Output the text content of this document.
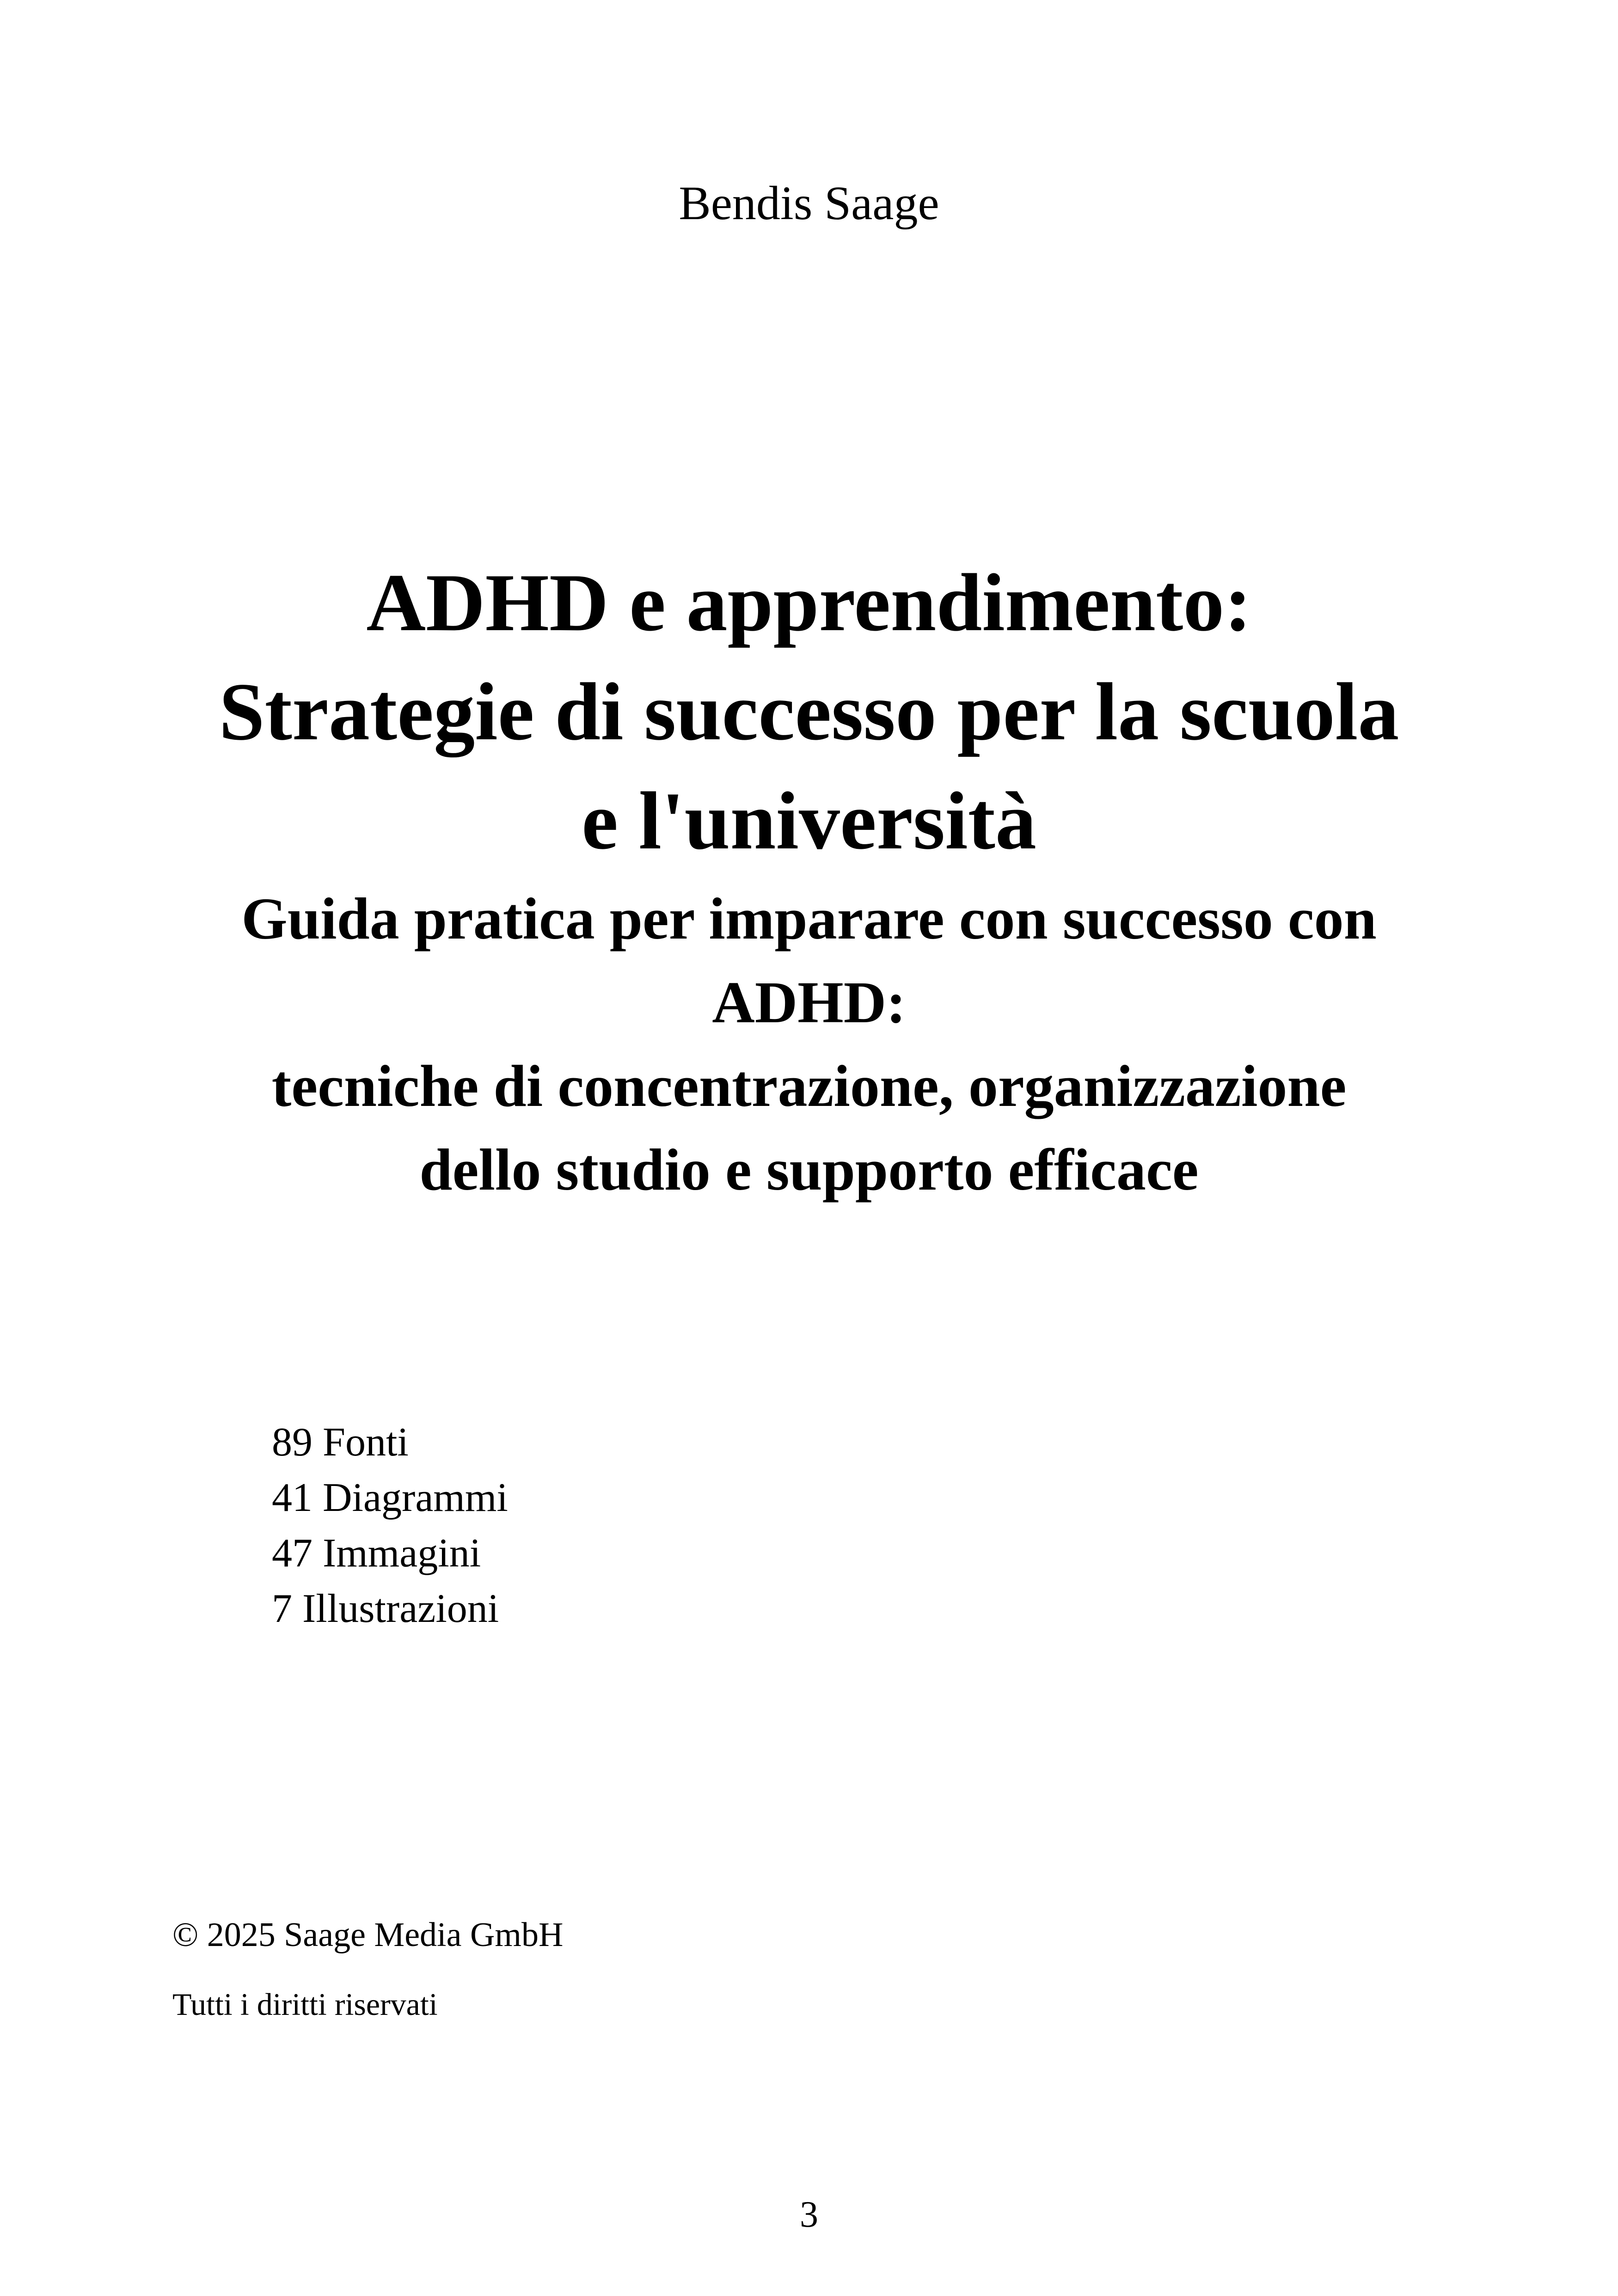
Bendis Saage
ADHD e apprendimento:
Strategie di successo per la scuola
e l'università
Guida pratica per imparare con successo con
ADHD:
tecniche di concentrazione, organizzazione
dello studio e supporto efficace
89 Fonti
41 Diagrammi
47 Immagini
7 Illustrazioni
© 2025 Saage Media GmbH
Tutti i diritti riservati
3
